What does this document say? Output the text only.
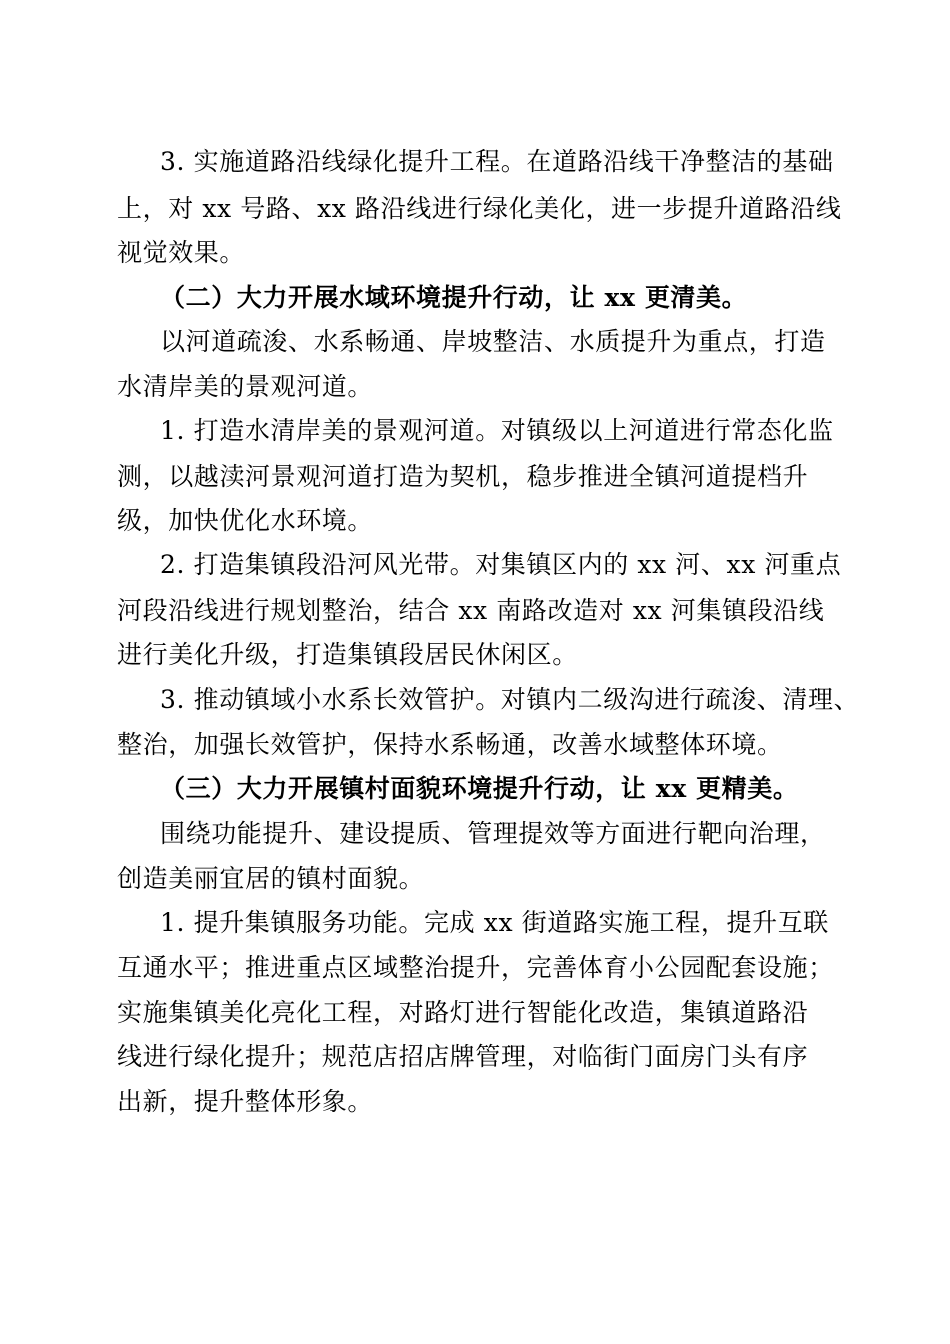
3. 实施道路沿线绿化提升工程。在道路沿线干净整洁的基础
上，对 xx 号路、xx 路沿线进行绿化美化，进一步提升道路沿线
视觉效果。
（二）大力开展水域环境提升行动，让 xx 更清美。
以河道疏浚、水系畅通、岸坡整洁、水质提升为重点，打造
水清岸美的景观河道。
1. 打造水清岸美的景观河道。对镇级以上河道进行常态化监
测，以越渎河景观河道打造为契机，稳步推进全镇河道提档升
级，加快优化水环境。
2. 打造集镇段沿河风光带。对集镇区内的 xx 河、xx 河重点
河段沿线进行规划整治，结合 xx 南路改造对 xx 河集镇段沿线
进行美化升级，打造集镇段居民休闲区。
3. 推动镇域小水系长效管护。对镇内二级沟进行疏浚、清理、
整治，加强长效管护，保持水系畅通，改善水域整体环境。
（三）大力开展镇村面貌环境提升行动，让 xx 更精美。
围绕功能提升、建设提质、管理提效等方面进行靶向治理，
创造美丽宜居的镇村面貌。
1. 提升集镇服务功能。完成 xx 街道路实施工程，提升互联
互通水平；推进重点区域整治提升，完善体育小公园配套设施；
实施集镇美化亮化工程，对路灯进行智能化改造，集镇道路沿
线进行绿化提升；规范店招店牌管理，对临街门面房门头有序
出新，提升整体形象。
